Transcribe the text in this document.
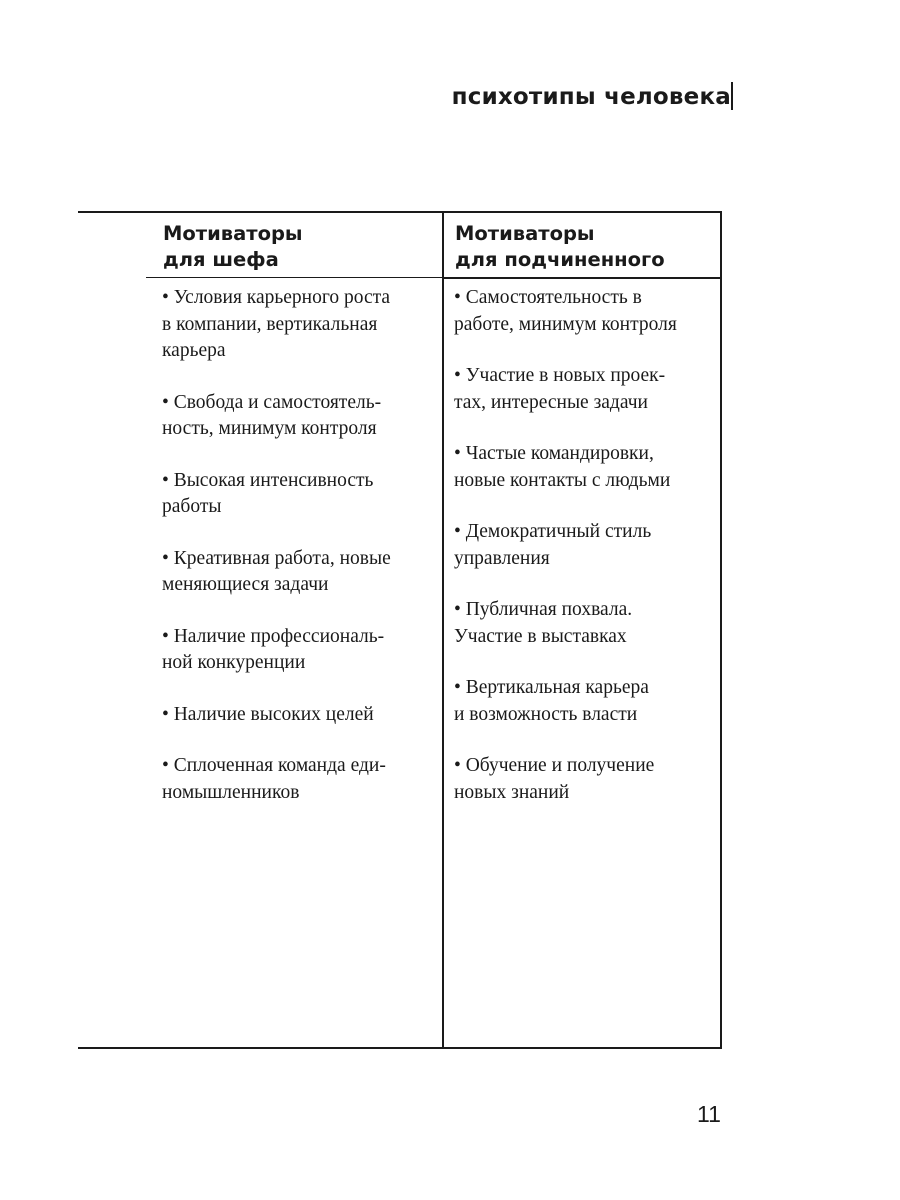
психотипы человека
Мотиваторы
для шефа
Мотиваторы
для подчиненного
• Условия карьерного роста
в компании, вертикальная
карьера
• Свобода и самостоятель-
ность, минимум контроля
• Высокая интенсивность
работы
• Креативная работа, новые
меняющиеся задачи
• Наличие профессиональ-
ной конкуренции
• Наличие высоких целей
• Сплоченная команда еди-
номышленников
• Самостоятельность в
работе, минимум контроля
• Участие в новых проек-
тах, интересные задачи
• Частые командировки,
новые контакты с людьми
• Демократичный стиль
управления
• Публичная похвала.
Участие в выставках
• Вертикальная карьера
и возможность власти
• Обучение и получение
новых знаний
11
